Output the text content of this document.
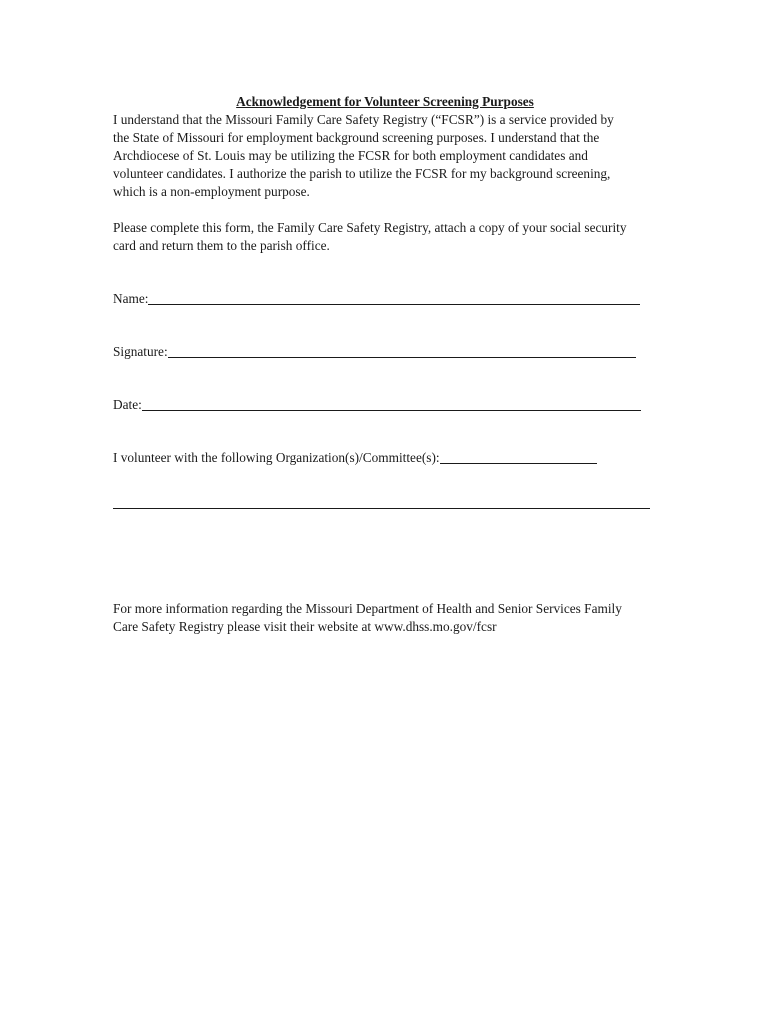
Acknowledgement for Volunteer Screening Purposes

I understand that the Missouri Family Care Safety Registry (“FCSR”) is a service provided by the State of Missouri for employment background screening purposes. I understand that the Archdiocese of St. Louis may be utilizing the FCSR for both employment candidates and volunteer candidates. I authorize the parish to utilize the FCSR for my background screening, which is a non-employment purpose.

Please complete this form, the Family Care Safety Registry, attach a copy of your social security card and return them to the parish office.

Name:
Signature:
Date:
I volunteer with the following Organization(s)/Committee(s):

For more information regarding the Missouri Department of Health and Senior Services Family Care Safety Registry please visit their website at www.dhss.mo.gov/fcsr
